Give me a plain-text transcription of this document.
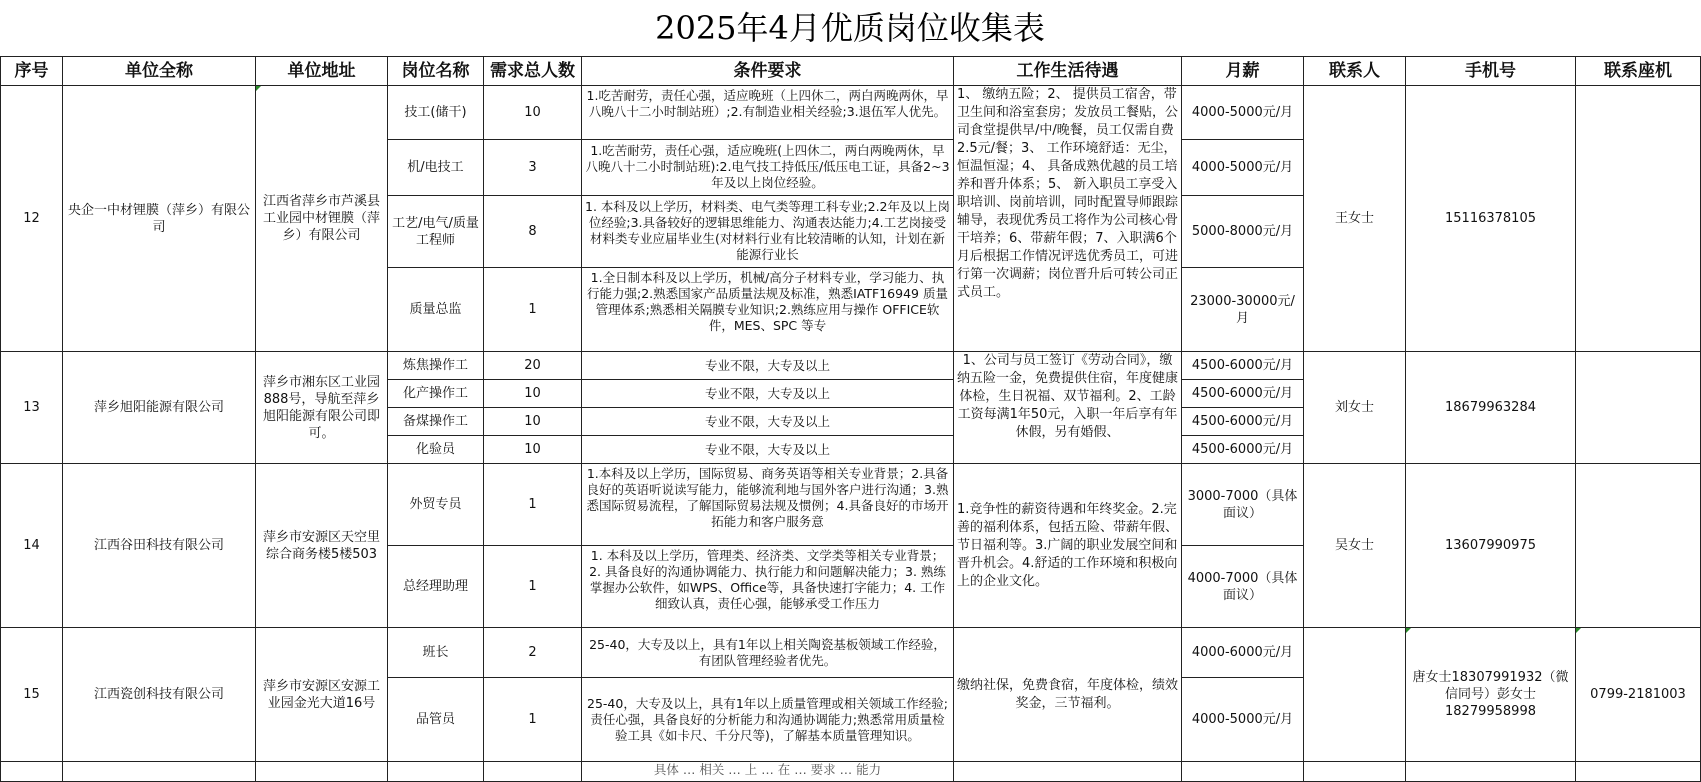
2025年4月优质岗位收集表
序号	单位全称	单位地址	岗位名称	需求总人数	条件要求	工作生活待遇	月薪	联系人	手机号	联系座机
12	央企一中材锂膜（萍乡）有限公司	江西省萍乡市芦溪县工业园中材锂膜（萍乡）有限公司	技工(储干)	10	1.吃苦耐劳，责任心强，适应晚班（上四休二，两白两晚两休，早八晚八十二小时制站班）;2.有制造业相关经验;3.退伍军人优先。	1、 缴纳五险；2、 提供员工宿舍，带卫生间和浴室套房；发放员工餐贴，公司食堂提供早/中/晚餐，员工仅需自费2.5元/餐；3、 工作环境舒适：无尘，恒温恒湿；4、 具备成熟优越的员工培养和晋升体系；5、 新入职员工享受入职培训、岗前培训，同时配置导师跟踪辅导，表现优秀员工将作为公司核心骨干培养；6、带薪年假；7、入职满6个月后根据工作情况评选优秀员工，可进行第一次调薪；岗位晋升后可转公司正式员工。	4000-5000元/月	王女士	15116378105	
			机/电技工	3	1.吃苦耐劳，责任心强，适应晚班(上四休二，两白两晚两休，早八晚八十二小时制站班):2.电气技工持低压/低压电工证，具备2~3年及以上岗位经验。		4000-5000元/月			
			工艺/电气/质量工程师	8	1. 本科及以上学历，材料类、电气类等理工科专业;2.2年及以上岗位经验;3.具备较好的逻辑思维能力、沟通表达能力;4.工艺岗接受材料类专业应届毕业生(对材料行业有比较清晰的认知，计划在新能源行业长		5000-8000元/月			
			质量总监	1	1.全日制本科及以上学历，机械/高分子材料专业，学习能力、执行能力强;2.熟悉国家产品质量法规及标准，熟悉IATF16949 质量管理体系;熟悉相关隔膜专业知识;2.熟练应用与操作 OFFICE软件，MES、SPC 等专		23000-30000元/月			
13	萍乡旭阳能源有限公司	萍乡市湘东区工业园888号，导航至萍乡旭阳能源有限公司即可。	炼焦操作工	20	专业不限，大专及以上	1、公司与员工签订《劳动合同》，缴纳五险一金，免费提供住宿，年度健康体检，生日祝福、双节福利。2、工龄工资每满1年50元，入职一年后享有年休假，另有婚假、	4500-6000元/月	刘女士	18679963284	
			化产操作工	10	专业不限，大专及以上		4500-6000元/月			
			备煤操作工	10	专业不限，大专及以上		4500-6000元/月			
			化验员	10	专业不限，大专及以上		4500-6000元/月			
14	江西谷田科技有限公司	萍乡市安源区天空里综合商务楼5楼503	外贸专员	1	1.本科及以上学历，国际贸易、商务英语等相关专业背景；2.具备良好的英语听说读写能力，能够流利地与国外客户进行沟通；3.熟悉国际贸易流程，了解国际贸易法规及惯例；4.具备良好的市场开拓能力和客户服务意	1.竞争性的薪资待遇和年终奖金。2.完善的福利体系，包括五险、带薪年假、节日福利等。3.广阔的职业发展空间和晋升机会。4.舒适的工作环境和积极向上的企业文化。	3000-7000（具体面议）	吴女士	13607990975	
			总经理助理	1	1. 本科及以上学历，管理类、经济类、文学类等相关专业背景；2. 具备良好的沟通协调能力、执行能力和问题解决能力；3. 熟练掌握办公软件，如WPS、Office等，具备快速打字能力；4. 工作细致认真，责任心强，能够承受工作压力		4000-7000（具体面议）			
15	江西瓷创科技有限公司	萍乡市安源区安源工业园金光大道16号	班长	2	25-40，大专及以上，具有1年以上相关陶瓷基板领域工作经验，有团队管理经验者优先。	缴纳社保，免费食宿，年度体检，绩效奖金，三节福利。	4000-6000元/月		唐女士18307991932（微信同号）彭女士18279958998	0799-2181003
			品管员	1	25-40，大专及以上，具有1年以上质量管理或相关领域工作经验;责任心强，具备良好的分析能力和沟通协调能力;熟悉常用质量检验工具《如卡尺、千分尺等)，了解基本质量管理知识。		4000-5000元/月			
					具体 … 相关 … 上 … 在 … 要求 … 能力					
